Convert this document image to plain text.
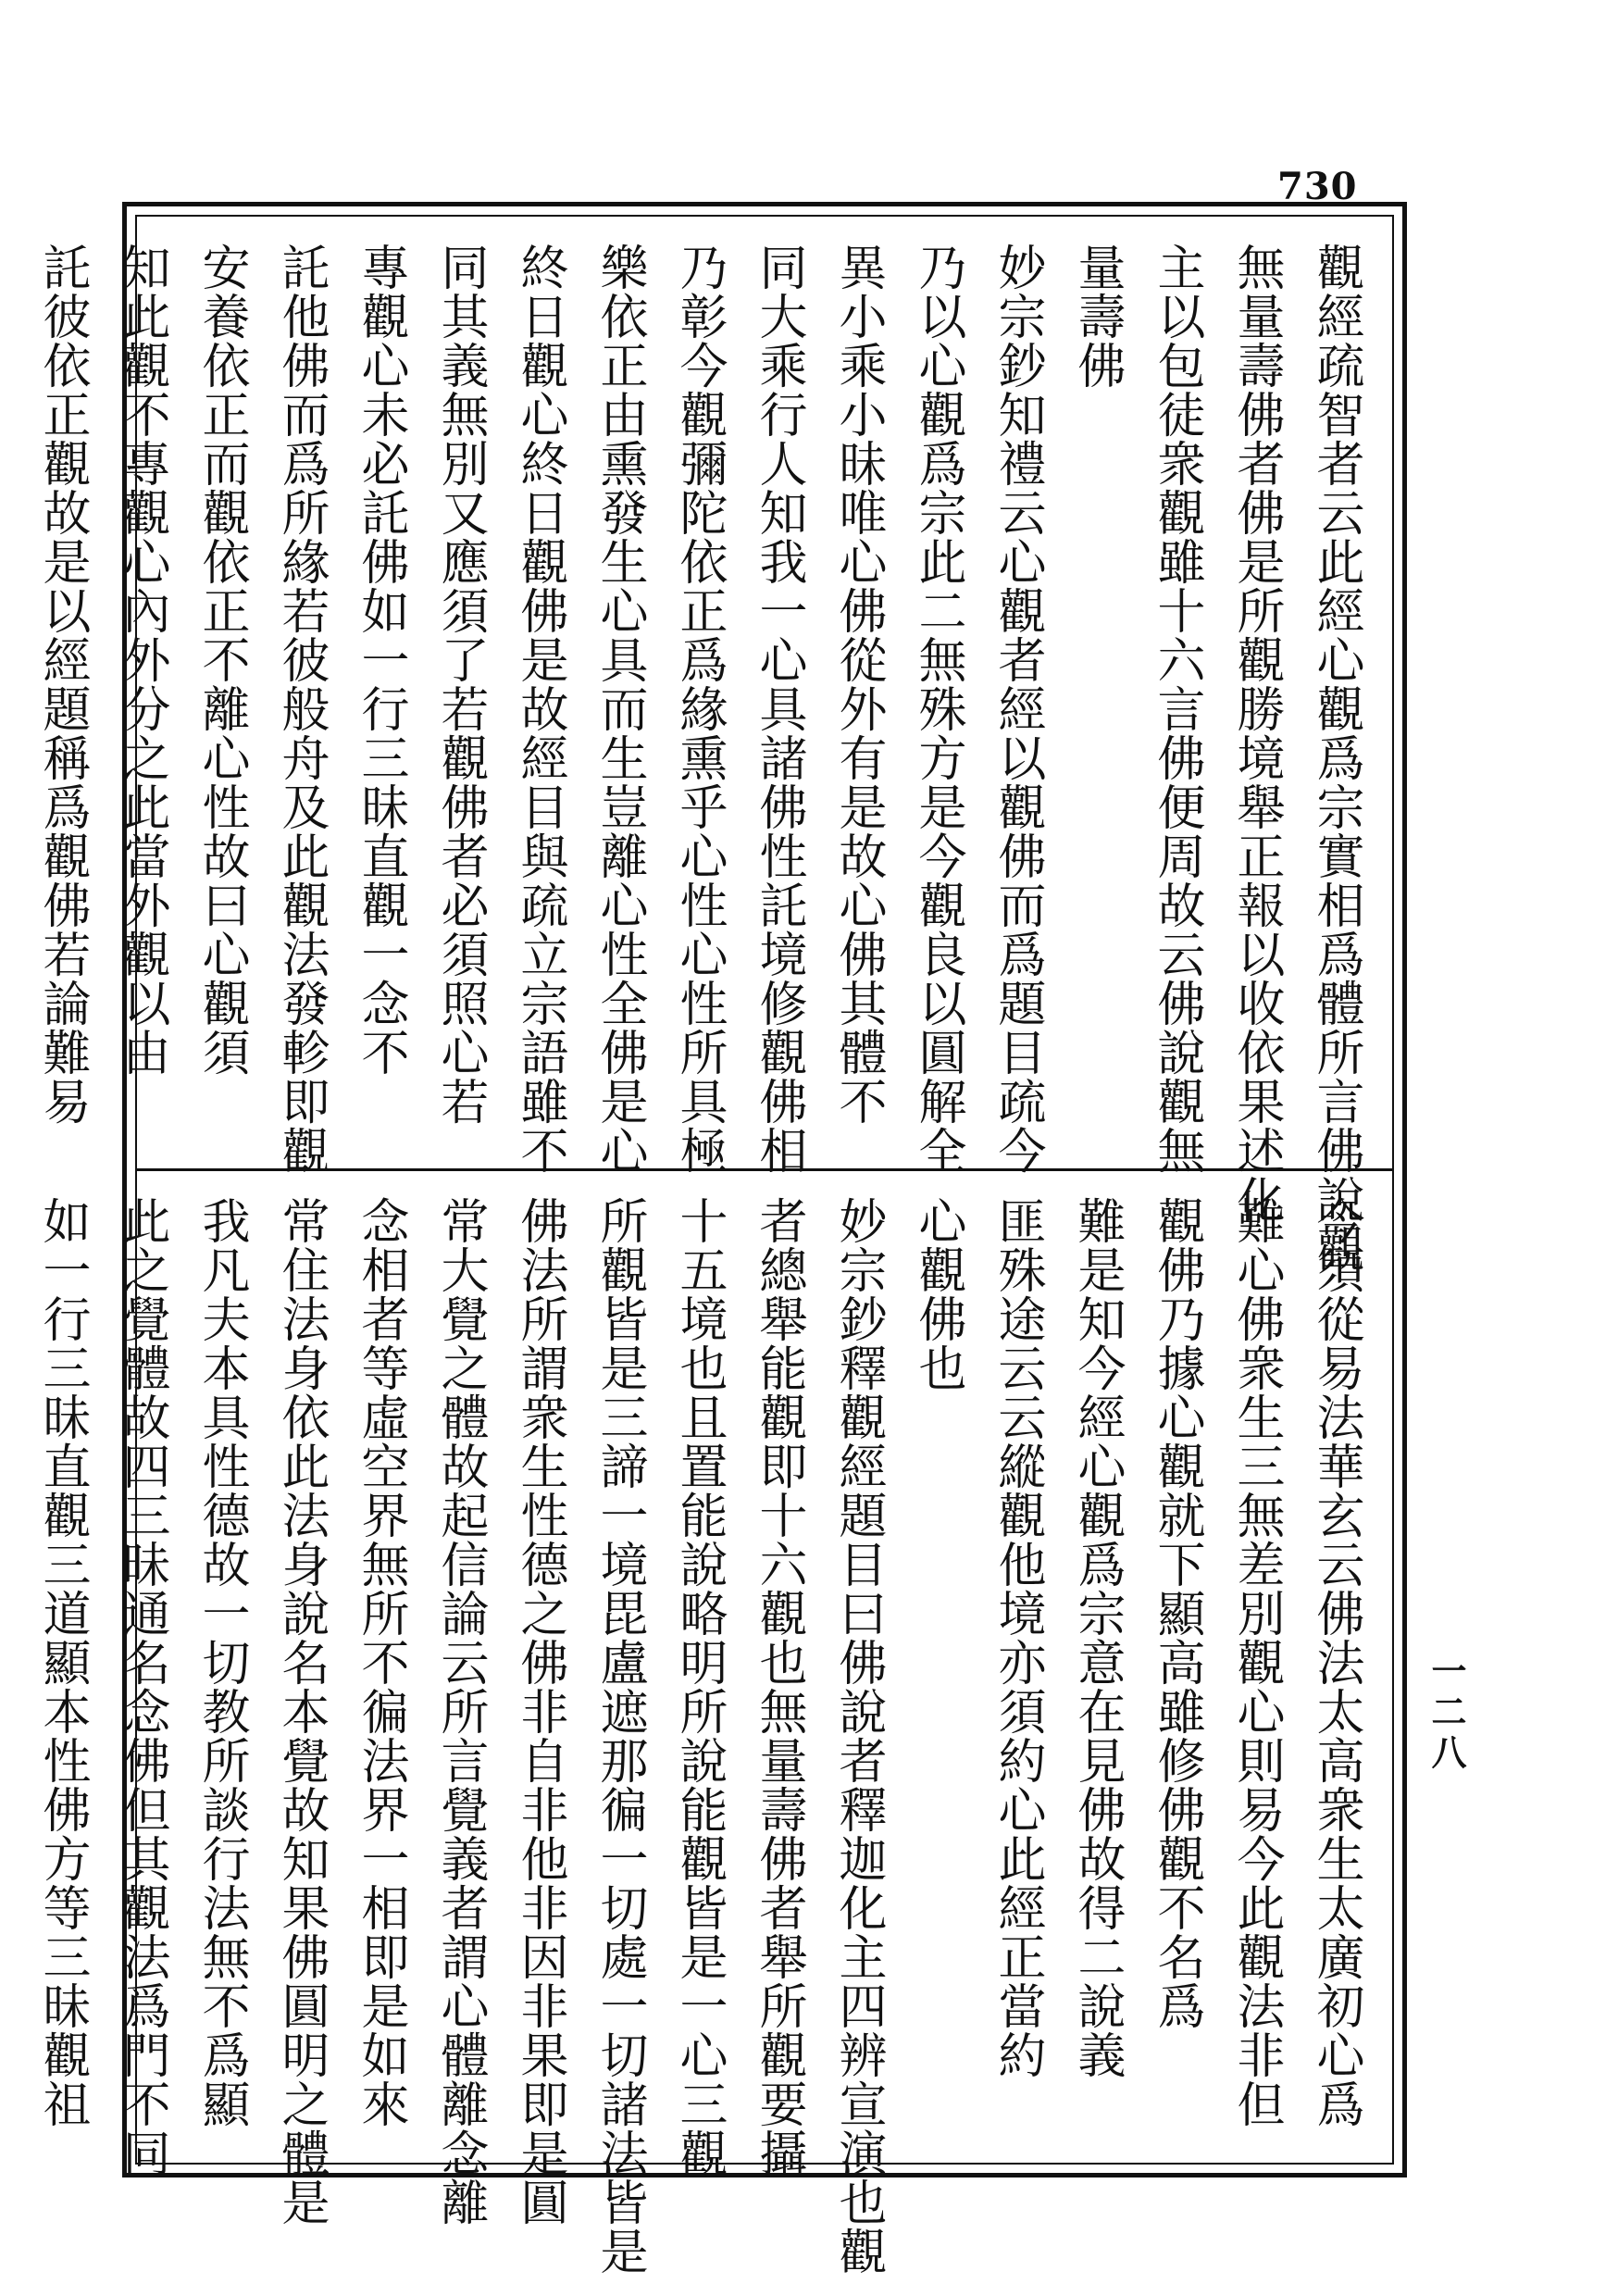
730
一二八
觀經疏智者云此經心觀爲宗實相爲體所言佛說觀
無量壽佛者佛是所觀勝境舉正報以收依果述化
主以包徒衆觀雖十六言佛便周故云佛說觀無
量壽佛
妙宗鈔知禮云心觀者經以觀佛而爲題目疏今
乃以心觀爲宗此二無殊方是今觀良以圓解全
異小乘小昧唯心佛從外有是故心佛其體不
同大乘行人知我一心具諸佛性託境修觀佛相
乃彰今觀彌陀依正爲緣熏乎心性心性所具極
樂依正由熏發生心具而生豈離心性全佛是心
終日觀心終日觀佛是故經目與疏立宗語雖不
同其義無別又應須了若觀佛者必須照心若
專觀心未必託佛如一行三昧直觀一念不
託他佛而爲所緣若彼般舟及此觀法發軫即觀
安養依正而觀依正不離心性故曰心觀須
知此觀不專觀心內外分之此當外觀以由
託彼依正觀故是以經題稱爲觀佛若論難易
今須從易法華玄云佛法太高衆生太廣初心爲
難心佛衆生三無差別觀心則易今此觀法非但
觀佛乃據心觀就下顯高雖修佛觀不名爲
難是知今經心觀爲宗意在見佛故得二說義
匪殊途云云縱觀他境亦須約心此經正當約
心觀佛也
妙宗鈔釋觀經題目曰佛說者釋迦化主四辨宣演也觀
者總舉能觀即十六觀也無量壽佛者舉所觀要攝
十五境也且置能說略明所說能觀皆是一心三觀
所觀皆是三諦一境毘盧遮那徧一切處一切諸法皆是
佛法所謂衆生性德之佛非自非他非因非果即是圓
常大覺之體故起信論云所言覺義者謂心體離念離
念相者等虛空界無所不徧法界一相即是如來
常住法身依此法身說名本覺故知果佛圓明之體是
我凡夫本具性德故一切教所談行法無不爲顯
此之覺體故四三昧通名念佛但其觀法爲門不同
如一行三昧直觀三道顯本性佛方等三昧觀祖
